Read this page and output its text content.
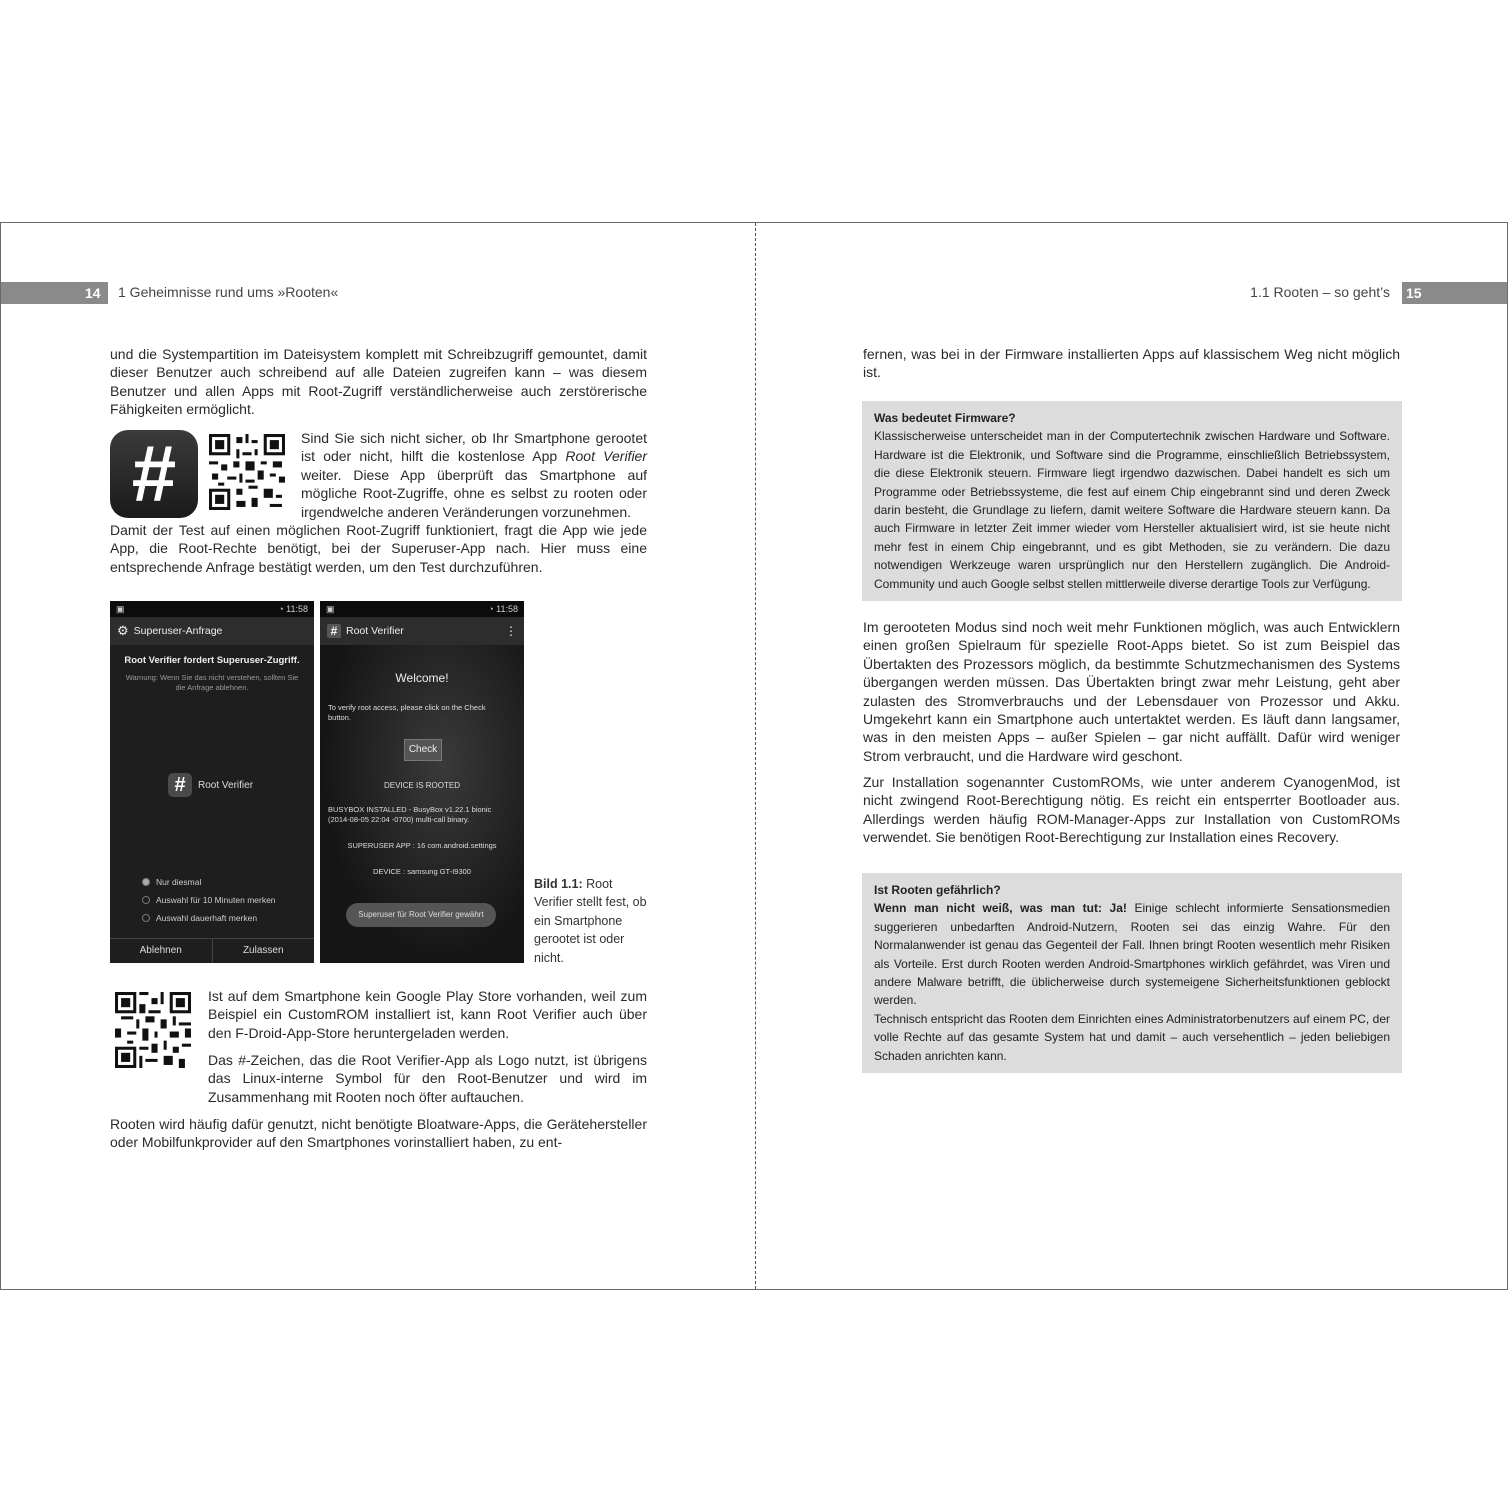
14 1 Geheimnisse rund ums »Rooten«

und die Systempartition im Dateisystem komplett mit Schreibzugriff gemountet, damit dieser Benutzer auch schreibend auf alle Dateien zugreifen kann – was diesem Benutzer und allen Apps mit Root-Zugriff verständlicherweise auch zerstörerische Fähigkeiten ermöglicht.

#	Sind Sie sich nicht sicher, ob Ihr Smartphone gerootet ist oder nicht, hilft die kostenlose App Root Verifier weiter. Diese App überprüft das Smartphone auf mögliche Root-Zugriffe, ohne es selbst zu rooten oder irgendwelche anderen Veränderungen vorzunehmen.

Damit der Test auf einen möglichen Root-Zugriff funktioniert, fragt die App wie jede App, die Root-Rechte benötigt, bei der Superuser-App nach. Hier muss eine entsprechende Anfrage bestätigt werden, um den Test durchzuführen.

▣	◔ 11:58
⚙ Superuser-Anfrage
Root Verifier fordert Superuser-Zugriff.
Warnung: Wenn Sie das nicht verstehen, sollten Sie die Anfrage ablehnen.
#	Root Verifier
Nur diesmal
Auswahl für 10 Minuten merken
Auswahl dauerhaft merken
Ablehnen	Zulassen
▣	◔ 11:58
# Root Verifier	⋮
Welcome!
To verify root access, please click on the Check button.
Check
DEVICE IS ROOTED
BUSYBOX INSTALLED - BusyBox v1.22.1 bionic (2014-08-05 22:04 -0700) multi-call binary.
SUPERUSER APP : 16 com.android.settings
DEVICE : samsung GT-I9300
Superuser für Root Verifier gewährt
Bild 1.1: Root Verifier stellt fest, ob ein Smartphone gerootet ist oder nicht.

Ist auf dem Smartphone kein Google Play Store vorhanden, weil zum Beispiel ein CustomROM installiert ist, kann Root Verifier auch über den F-Droid-App-Store heruntergeladen werden.

Das #-Zeichen, das die Root Verifier-App als Logo nutzt, ist übrigens das Linux-interne Symbol für den Root-Benutzer und wird im Zusammenhang mit Rooten noch öfter auftauchen.

Rooten wird häufig dafür genutzt, nicht benötigte Bloatware-Apps, die Gerätehersteller oder Mobilfunkprovider auf den Smartphones vorinstalliert haben, zu ent-

15
1.1 Rooten – so geht’s

fernen, was bei in der Firmware installierten Apps auf klassischem Weg nicht möglich ist.

Was bedeutet Firmware?
Klassischerweise unterscheidet man in der Computertechnik zwischen Hardware und Software. Hardware ist die Elektronik, und Software sind die Programme, einschließlich Betriebssystem, die diese Elektronik steuern. Firmware liegt irgendwo dazwischen. Dabei handelt es sich um Programme oder Betriebssysteme, die fest auf einem Chip eingebrannt sind und deren Zweck darin besteht, die Grundlage zu liefern, damit weitere Software die Hardware steuern kann. Da auch Firmware in letzter Zeit immer wieder vom Hersteller aktualisiert wird, ist sie heute nicht mehr fest in einem Chip eingebrannt, und es gibt Methoden, sie zu verändern. Die dazu notwendigen Werkzeuge waren ursprünglich nur den Herstellern zugänglich. Die Android-Community und auch Google selbst stellen mittlerweile diverse derartige Tools zur Verfügung.

Im gerooteten Modus sind noch weit mehr Funktionen möglich, was auch Entwicklern einen großen Spielraum für spezielle Root-Apps bietet. So ist zum Beispiel das Übertakten des Prozessors möglich, da bestimmte Schutzmechanismen des Systems übergangen werden müssen. Das Übertakten bringt zwar mehr Leistung, geht aber zulasten des Stromverbrauchs und der Lebensdauer von Prozessor und Akku. Umgekehrt kann ein Smartphone auch untertaktet werden. Es läuft dann langsamer, was in den meisten Apps – außer Spielen – gar nicht auffällt. Dafür wird weniger Strom verbraucht, und die Hardware wird geschont.

Zur Installation sogenannter CustomROMs, wie unter anderem CyanogenMod, ist nicht zwingend Root-Berechtigung nötig. Es reicht ein entsperrter Bootloader aus. Allerdings werden häufig ROM-Manager-Apps zur Installation von CustomROMs verwendet. Sie benötigen Root-Berechtigung zur Installation eines Recovery.

Ist Rooten gefährlich?
Wenn man nicht weiß, was man tut: Ja! Einige schlecht informierte Sensationsmedien suggerieren unbedarften Android-Nutzern, Rooten sei das einzig Wahre. Für den Normalanwender ist genau das Gegenteil der Fall. Ihnen bringt Rooten wesentlich mehr Risiken als Vorteile. Erst durch Rooten werden Android-Smartphones wirklich gefährdet, was Viren und andere Malware betrifft, die üblicherweise durch systemeigene Sicherheitsfunktionen geblockt werden.
Technisch entspricht das Rooten dem Einrichten eines Administratorbenutzers auf einem PC, der volle Rechte auf das gesamte System hat und damit – auch versehentlich – jeden beliebigen Schaden anrichten kann.
